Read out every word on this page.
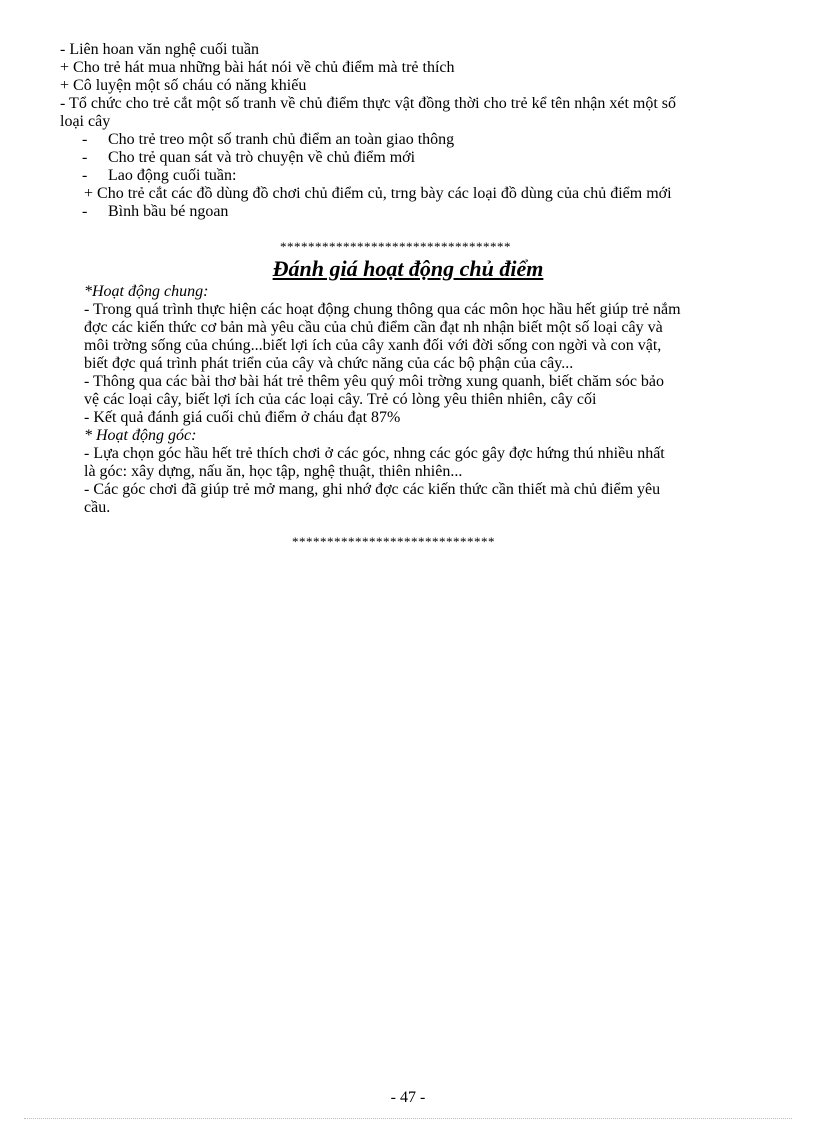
- Liên hoan văn nghệ cuối tuần
+ Cho trẻ hát mua những bài hát nói về chủ điểm mà trẻ thích
+ Cô luyện một số cháu có năng khiếu
- Tổ chức cho trẻ cắt một số tranh về chủ điểm thực vật đồng thời cho trẻ kể tên nhận xét một số
loại cây
- Cho trẻ treo một số tranh chủ điểm an toàn giao thông
- Cho trẻ quan sát và trò chuyện về chủ điểm mới
- Lao động cuối tuần:
+ Cho trẻ cắt các đồ dùng đồ chơi chủ điểm củ, trng bày các loại đồ dùng của chủ điểm mới
- Bình bầu bé ngoan
*********************************
Đánh giá hoạt động chủ điểm
*Hoạt động chung:
- Trong quá trình thực hiện các hoạt động chung thông qua các môn học hầu hết giúp trẻ nắm
đợc các kiến thức cơ bản mà yêu cầu của chủ điểm cần đạt nh nhận biết một số loại cây và
môi trờng sống của chúng...biết lợi ích của cây xanh đối với đời sống con ngời và con vật,
biết đợc quá trình phát triển của cây và chức năng của các bộ phận của cây...
- Thông qua các bài thơ bài hát trẻ thêm yêu quý môi trờng xung quanh, biết chăm sóc bảo
vệ các loại cây, biết lợi ích của các loại cây. Trẻ có lòng yêu thiên nhiên, cây cối
- Kết quả đánh giá cuối chủ điểm ở cháu đạt 87%
* Hoạt động góc:
- Lựa chọn góc hầu hết trẻ thích chơi ở các góc, nhng các góc gây đợc hứng thú nhiều nhất
là góc: xây dựng, nấu ăn, học tập, nghệ thuật, thiên nhiên...
- Các góc chơi đã giúp trẻ mở mang, ghi nhớ đợc các kiến thức cần thiết mà chủ điểm yêu
cầu.
*****************************
- 47 -
